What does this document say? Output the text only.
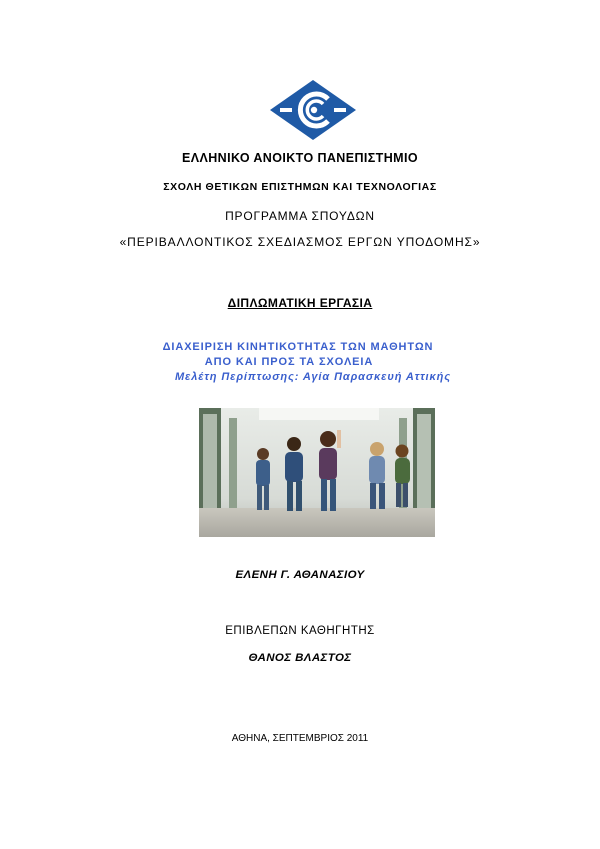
ΕΛΛΗΝΙΚΟ ΑΝΟΙΚΤΟ ΠΑΝΕΠΙΣΤΗΜΙΟ
ΣΧΟΛΗ ΘΕΤΙΚΩΝ ΕΠΙΣΤΗΜΩΝ ΚΑΙ ΤΕΧΝΟΛΟΓΙΑΣ
ΠΡΟΓΡΑΜΜΑ ΣΠΟΥΔΩΝ
«ΠΕΡΙΒΑΛΛΟΝΤΙΚΟΣ ΣΧΕΔΙΑΣΜΟΣ ΕΡΓΩΝ ΥΠΟΔΟΜΗΣ»
ΔΙΠΛΩΜΑΤΙΚΗ ΕΡΓΑΣΙΑ
ΔΙΑΧΕΙΡΙΣΗ ΚΙΝΗΤΙΚΟΤΗΤΑΣ ΤΩΝ ΜΑΘΗΤΩΝ
ΑΠΟ ΚΑΙ ΠΡΟΣ ΤΑ ΣΧΟΛΕΙΑ
Μελέτη Περίπτωσης: Αγία Παρασκευή Αττικής
ΕΛΕΝΗ Γ. ΑΘΑΝΑΣΙΟΥ
ΕΠΙΒΛΕΠΩΝ ΚΑΘΗΓΗΤΗΣ
ΘΑΝΟΣ ΒΛΑΣΤΟΣ
ΑΘΗΝΑ, ΣΕΠΤΕΜΒΡΙΟΣ 2011
